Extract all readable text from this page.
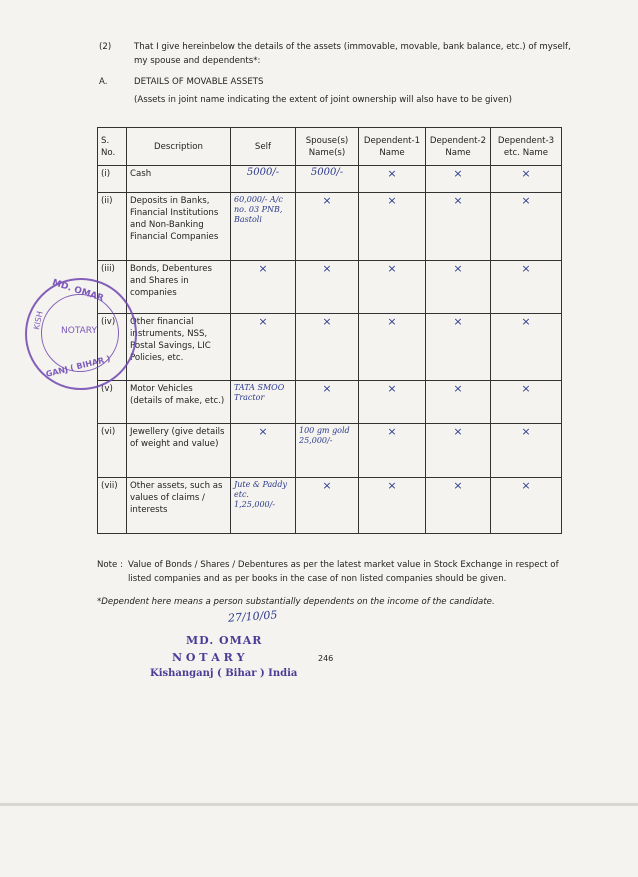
(2)	That I give hereinbelow the details of the assets (immovable, movable, bank balance, etc.) of myself, my spouse and dependents*:
A.	DETAILS OF MOVABLE ASSETS
(Assets in joint name indicating the extent of joint ownership will also have to be given)
S. No.	Description	Self	Spouse(s) Name(s)	Dependent-1 Name	Dependent-2 Name	Dependent-3 etc. Name
(i)	Cash	5000/-	5000/-	×	×	×
(ii)	Deposits in Banks, Financial Institutions and Non-Banking Financial Companies	60,000/- A/c no. 03 PNB, Bastoli	×	×	×	×
(iii)	Bonds, Debentures and Shares in companies	×	×	×	×	×
(iv)	Other financial instruments, NSS, Postal Savings, LIC Policies, etc.	×	×	×	×	×
(v)	Motor Vehicles (details of make, etc.)	TATA SMOO Tractor	×	×	×	×
(vi)	Jewellery (give details of weight and value)	×	100 gm gold 25,000/-	×	×	×
(vii)	Other assets, such as values of claims / interests	Jute & Paddy etc. 1,25,000/-	×	×	×	×
MD. OMAR
NOTARY
KISH
GANJ ( BIHAR )
Note : Value of Bonds / Shares / Debentures as per the latest market value in Stock Exchange in respect of listed companies and as per books in the case of non listed companies should be given.
*Dependent here means a person substantially dependents on the income of the candidate.
27/10/05
MD. OMAR
N O T A R Y
Kishanganj ( Bihar ) India
246
